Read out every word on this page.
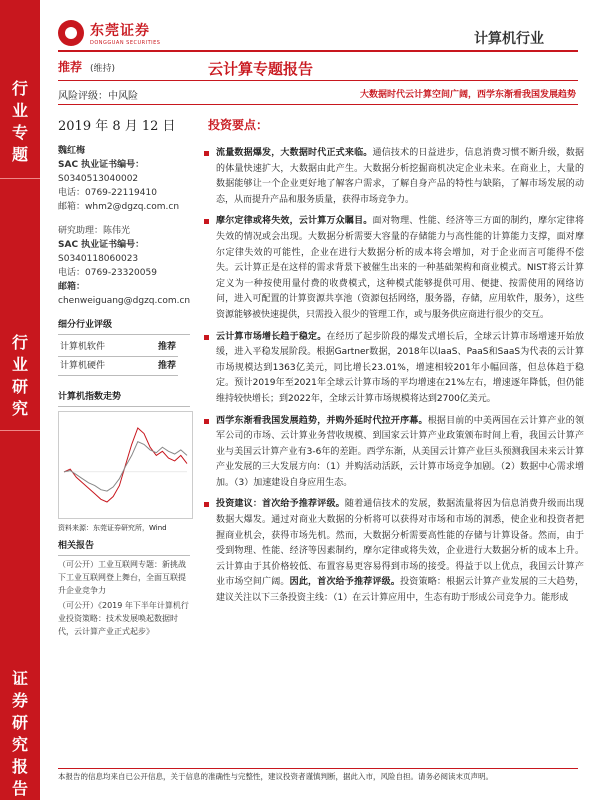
行业专题
行业研究
证券研究报告
东莞证券
DONGGUAN SECURITIES	计算机行业
云计算专题报告
大数据时代云计算空间广阔，西学东渐看我国发展趋势
推荐 (维持)
风险评级：中风险
2019 年 8 月 12 日
魏红梅
SAC 执业证书编号：
S0340513040002
电话：0769-22119410
邮箱：whm2@dgzq.com.cn
研究助理：陈伟光
SAC 执业证书编号：
S0340118060023
电话：0769-23320059
邮箱：
chenweiguang@dgzq.com.cn
细分行业评级
计算机软件	推荐
计算机硬件	推荐
计算机指数走势
资料来源：东莞证券研究所，Wind
相关报告
（可公开）工业互联网专题：新挑战下工业互联网登上舞台，全面互联提升企业竞争力
（可公开）《2019 年下半年计算机行业投资策略：技术发展唤起数据时代，云计算产业正式起步》
投资要点：
流量数据爆发，大数据时代正式来临。通信技术的日益进步，信息消费习惯不断升级，数据的体量快速扩大，大数据由此产生。大数据分析挖掘商机决定企业未来。在商业上，大量的数据能够让一个企业更好地了解客户需求，了解自身产品的特性与缺陷，了解市场发展的动态，从而提升产品和服务质量，获得市场竞争力。
摩尔定律或将失效，云计算万众瞩目。面对物理、性能、经济等三方面的制约，摩尔定律将失效的情况或会出现。大数据分析需要大容量的存储能力与高性能的计算能力支撑，面对摩尔定律失效的可能性，企业在进行大数据分析的成本将会增加，对于企业而言可能得不偿失。云计算正是在这样的需求背景下被催生出来的一种基础架构和商业模式。NIST将云计算定义为一种按使用量付费的收费模式，这种模式能够提供可用、便捷、按需使用的网络访问，进入可配置的计算资源共享池（资源包括网络，服务器，存储，应用软件，服务），这些资源能够被快速提供，只需投入很少的管理工作，或与服务供应商进行很少的交互。
云计算市场增长趋于稳定。在经历了起步阶段的爆发式增长后，全球云计算市场增速开始放缓，进入平稳发展阶段。根据Gartner数据，2018年以IaaS、PaaS和SaaS为代表的云计算市场规模达到1363亿美元，同比增长23.01%，增速相较201年小幅回落，但总体趋于稳定。预计2019年至2021年全球云计算市场的平均增速在21%左右，增速逐年降低，但仍能维持较快增长；到2022年，全球云计算市场规模将达到2700亿美元。
西学东渐看我国发展趋势，并购外延时代拉开序幕。根据目前的中美两国在云计算产业的领军公司的市场、云计算业务营收规模、到国家云计算产业政策颁布时间上看，我国云计算产业与美国云计算产业有3-6年的差距。西学东渐，从美国云计算产业巨头预测我国未来云计算产业发展的三大发展方向：（1）并购活动活跃，云计算市场竞争加剧。（2）数据中心需求增加。（3）加速建设自身应用生态。
投资建议：首次给予推荐评级。随着通信技术的发展，数据流量将因为信息消费升级而出现数据大爆发。通过对商业大数据的分析将可以获得对市场和市场的洞悉，使企业和投资者把握商业机会，获得市场先机。然而，大数据分析需要高性能的存储与计算设备。然而，由于受到物理、性能、经济等因素制约，摩尔定律或将失效，企业进行大数据分析的成本上升。云计算由于其价格较低、布置容易更容易得到市场的接受。得益于以上优点，我国云计算产业市场空间广阔。因此，首次给予推荐评级。投资策略：根据云计算产业发展的三大趋势，建议关注以下三条投资主线：（1）在云计算应用中，生态有助于形成公司竞争力。能形成
本报告的信息均来自已公开信息，关于信息的准确性与完整性，建议投资者谨慎判断，据此入市，风险自担。请务必阅读末页声明。
